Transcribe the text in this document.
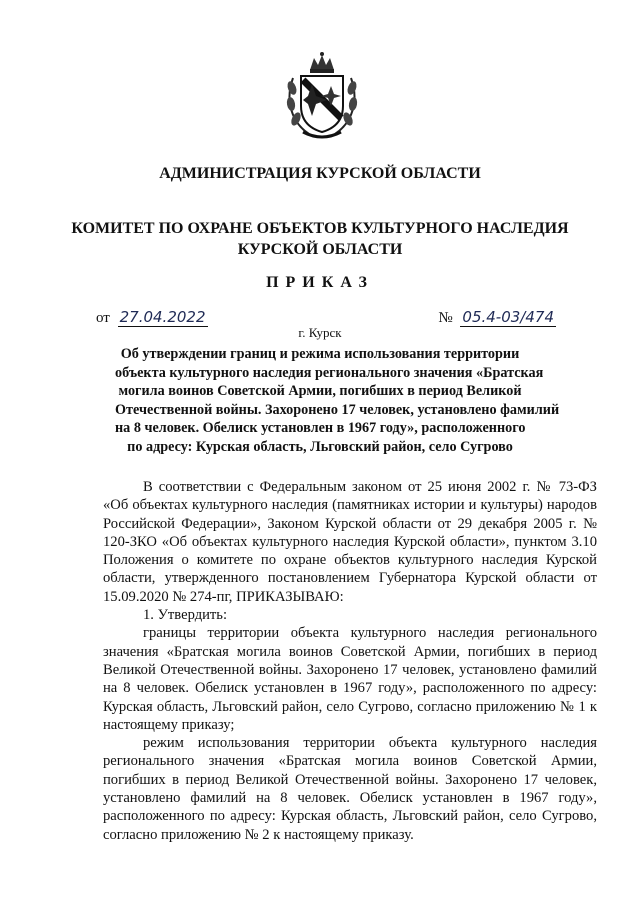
АДМИНИСТРАЦИЯ КУРСКОЙ ОБЛАСТИ

КОМИТЕТ ПО ОХРАНЕ ОБЪЕКТОВ КУЛЬТУРНОГО НАСЛЕДИЯ
КУРСКОЙ ОБЛАСТИ

ПРИКАЗ

от 27.04.2022	№ 05.4-03/474
г. Курск
Об утверждении границ и режима использования территории
объекта культурного наследия регионального значения «Братская
могила воинов Советской Армии, погибших в период Великой
Отечественной войны. Захоронено 17 человек, установлено фамилий
на 8 человек. Обелиск установлен в 1967 году», расположенного
по адресу: Курская область, Льговский район, село Сугрово

В соответствии с Федеральным законом от 25 июня 2002 г. № 73-ФЗ «Об объектах культурного наследия (памятниках истории и культуры) народов Российской Федерации», Законом Курской области от 29 декабря 2005 г. № 120-ЗКО «Об объектах культурного наследия Курской области», пунктом 3.10 Положения о комитете по охране объектов культурного наследия Курской области, утвержденного постановлением Губернатора Курской области от 15.09.2020 № 274-пг, ПРИКАЗЫВАЮ:

1. Утвердить:

границы территории объекта культурного наследия регионального значения «Братская могила воинов Советской Армии, погибших в период Великой Отечественной войны. Захоронено 17 человек, установлено фамилий на 8 человек. Обелиск установлен в 1967 году», расположенного по адресу: Курская область, Льговский район, село Сугрово, согласно приложению № 1 к настоящему приказу;

режим использования территории объекта культурного наследия регионального значения «Братская могила воинов Советской Армии, погибших в период Великой Отечественной войны. Захоронено 17 человек, установлено фамилий на 8 человек. Обелиск установлен в 1967 году», расположенного по адресу: Курская область, Льговский район, село Сугрово, согласно приложению № 2 к настоящему приказу.
